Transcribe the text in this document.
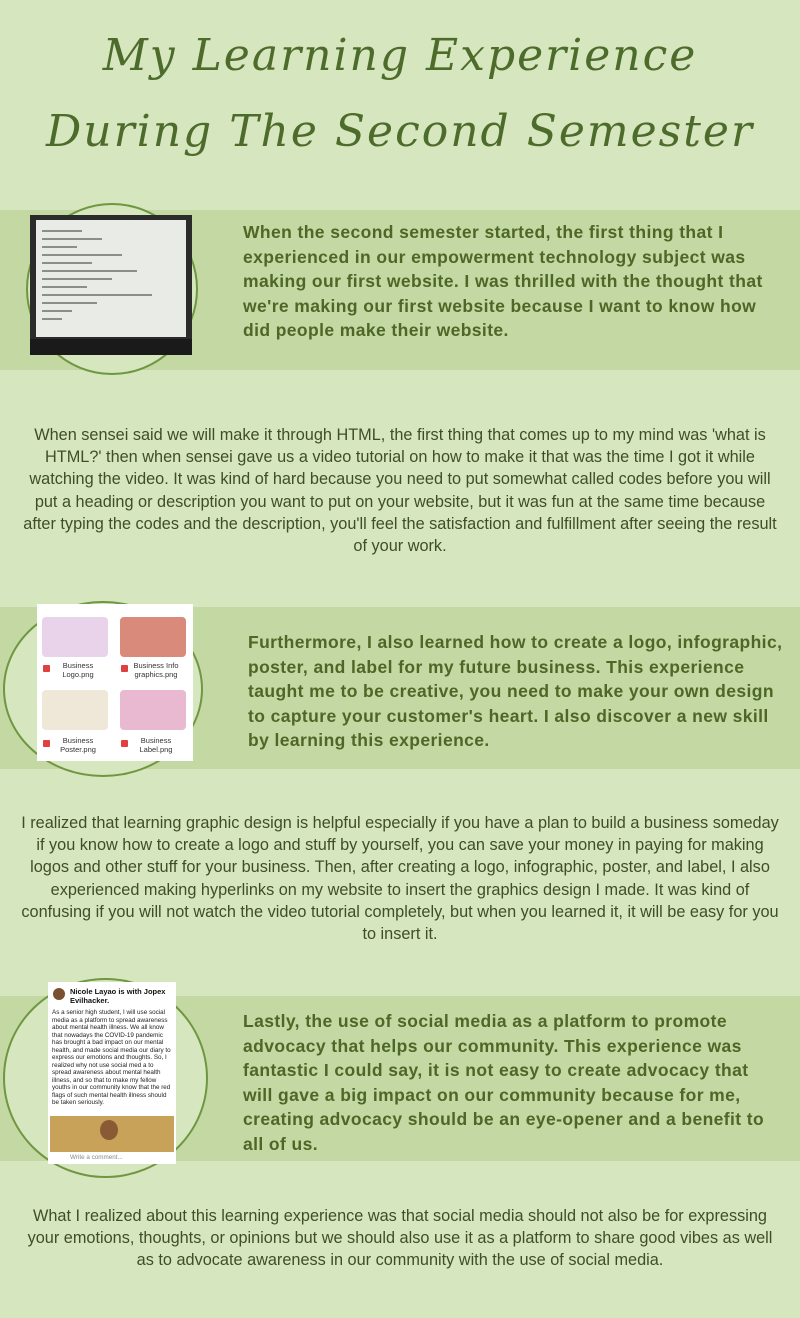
My Learning Experience
During The Second Semester
When the second semester started, the first thing that I experienced in our empowerment technology subject was making our first website. I was thrilled with the thought that we're making our first website because I want to know how did people make their website.
When sensei said we will make it through HTML, the first thing that comes up to my mind was 'what is HTML?' then when sensei gave us a video tutorial on how to make it that was the time I got it while watching the video. It was kind of hard because you need to put somewhat called codes before you will put a heading or description you want to put on your website, but it was fun at the same time because after typing the codes and the description, you'll feel the satisfaction and fulfillment after seeing the result of your work.
Business Logo.png
Business Info graphics.png
Business Poster.png
Business Label.png
Furthermore, I also learned how to create a logo, infographic, poster, and label for my future business. This experience taught me to be creative, you need to make your own design to capture your customer's heart. I also discover a new skill by learning this experience.
I realized that learning graphic design is helpful especially if you have a plan to build a business someday if you know how to create a logo and stuff by yourself, you can save your money in paying for making logos and other stuff for your business. Then, after creating a logo, infographic, poster, and label, I also experienced making hyperlinks on my website to insert the graphics design I made. It was kind of confusing if you will not watch the video tutorial completely, but when you learned it, it will be easy for you to insert it.
Nicole Layao is with Jopex Evilhacker.
As a senior high student, I will use social media as a platform to spread awareness about mental health illness. We all know that nowadays the COVID-19 pandemic has brought a bad impact on our mental health, and made social media our diary to express our emotions and thoughts. So, I realized why not use social med a to spread awareness about mental health illness, and so that to make my fellow youths in our community know that the red flags of such mental health illness should be taken seriously.
Write a comment...
Lastly, the use of social media as a platform to promote advocacy that helps our community. This experience was fantastic I could say, it is not easy to create advocacy that will gave a big impact on our community because for me, creating advocacy should be an eye-opener and a benefit to all of us.
What I realized about this learning experience was that social media should not also be for expressing your emotions, thoughts, or opinions but we should also use it as a platform to share good vibes as well as to advocate awareness in our community with the use of social media.
